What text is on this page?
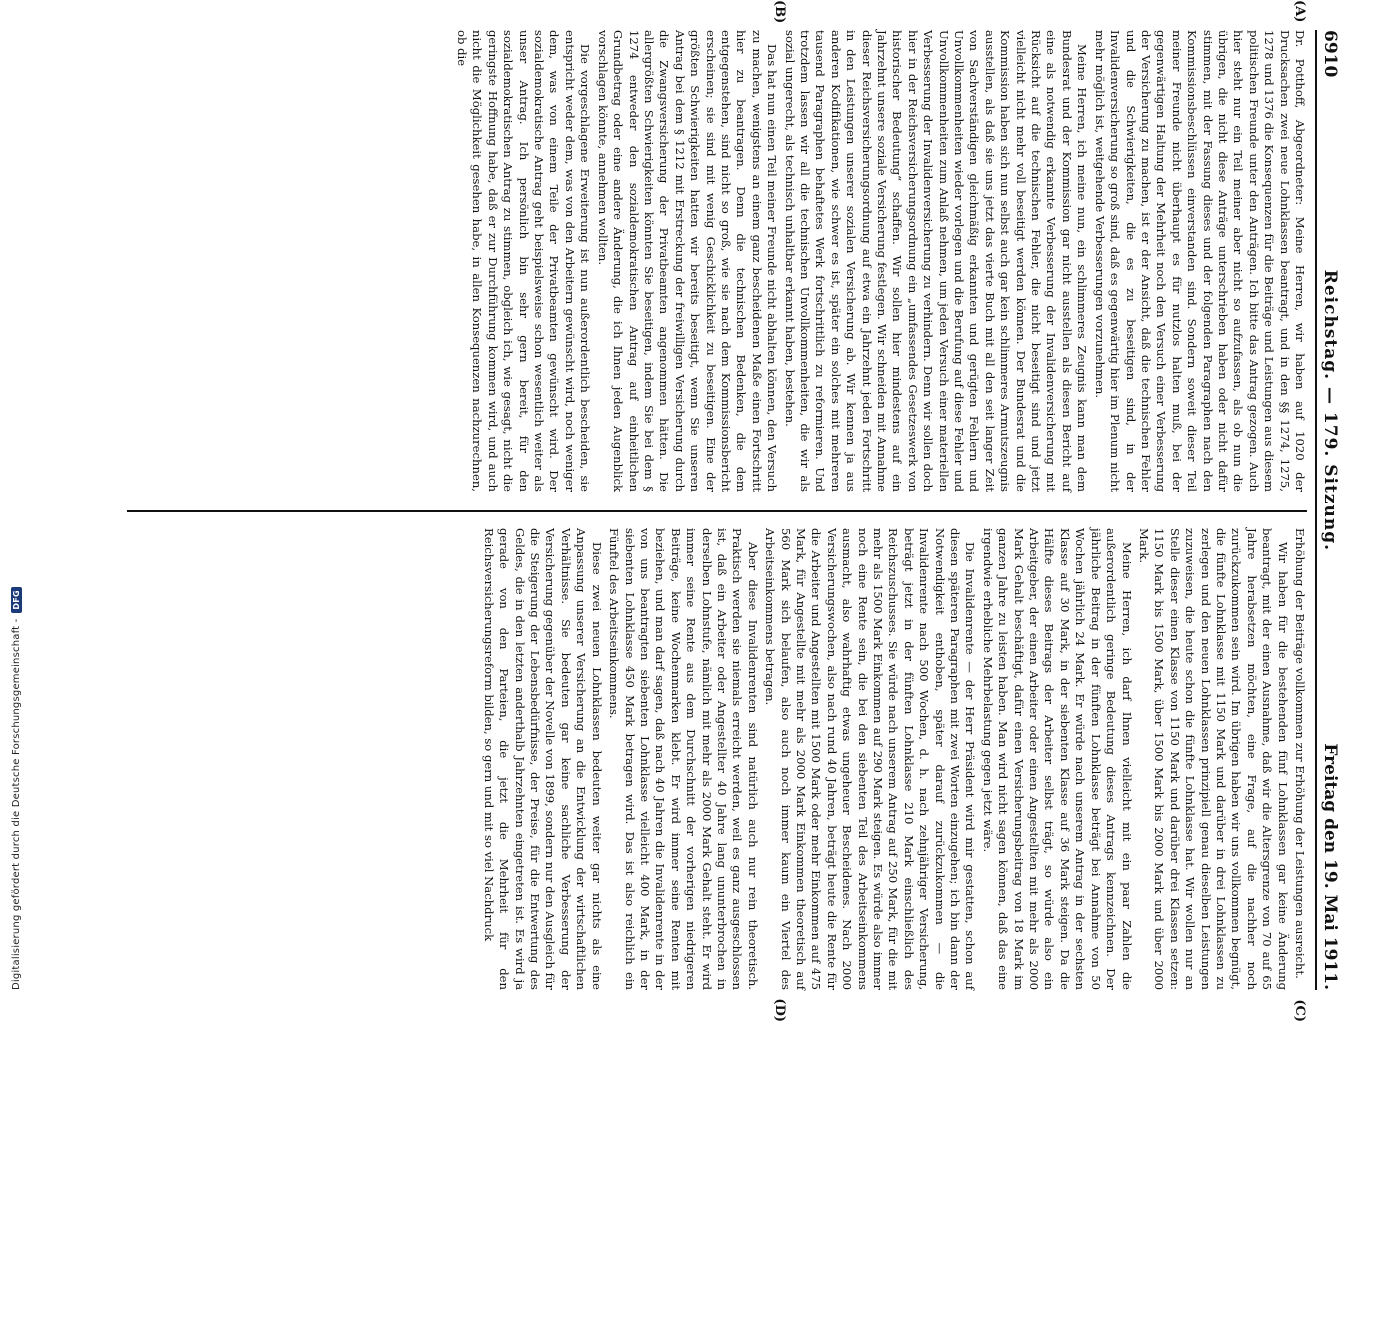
Digitalisierung gefördert durch die Deutsche Forschungsgemeinschaft -
DFG
6910
Reichstag. — 179. Sitzung.
Freitag den 19. Mai 1911.
(A)
(B)

Dr. Potthoff, Abgeordneter: Meine Herren, wir haben auf 1020 der Drucksachen zwei neue Lohnklassen beantragt, und in den §§ 1274, 1275, 1278 und 1376 die Konsequenzen für die Beiträge und Leistungen aus diesem politischen Freunde unter den Anträgen. Ich bitte das Antrag gezogen. Auch hier steht nur ein Teil meiner aber nicht so aufzufassen, als ob nun die übrigen, die nicht diese Anträge unterschrieben haben oder nicht dafür stimmen, mit der Fassung dieses und der folgenden Paragraphen nach den Kommissionsbeschlüssen einverstanden sind. Sondern soweit dieser Teil meiner Freunde nicht überhaupt es für nutzlos halten muß, bei der gegenwärtigen Haltung der Mehrheit noch den Versuch einer Verbesserung der Versicherung zu machen, ist er der Ansicht, daß die technischen Fehler und die Schwierigkeiten, die es zu beseitigen sind, in der Invalidenversicherung so groß sind, daß es gegenwärtig hier im Plenum nicht mehr möglich ist, weitgehende Verbesserungen vorzunehmen.

Meine Herren, ich meine nun, ein schlimmeres Zeugnis kann man dem Bundesrat und der Kommission gar nicht ausstellen als diesen Bericht auf eine als notwendig erkannte Verbesserung der Invalidenversicherung mit Rücksicht auf die technischen Fehler, die nicht beseitigt sind und jetzt vielleicht nicht mehr voll beseitigt werden können. Der Bundesrat und die Kommission haben sich nun selbst auch gar kein schlimmeres Armutszeugnis ausstellen, als daß sie uns jetzt das vierte Buch mit all den seit langer Zeit von Sachverständigen gleichmäßig erkannten und gerügten Fehlern und Unvollkommenheiten wieder vorlegen und die Berufung auf diese Fehler und Unvollkommenheiten zum Anlaß nehmen, um jeden Versuch einer materiellen Verbesserung der Invalidenversicherung zu verhindern. Denn wir sollen doch hier in der Reichsversicherungsordnung ein „umfassendes Gesetzeswerk von historischer Bedeutung“ schaffen. Wir sollen hier mindestens auf ein Jahrzehnt unsere soziale Versicherung festlegen. Wir schneiden mit Annahme dieser Reichsversicherungsordnung auf etwa ein Jahrzehnt jeden Fortschritt in den Leistungen unserer sozialen Versicherung ab. Wir kennen ja aus anderen Kodifikationen, wie schwer es ist, später ein solches mit mehreren tausend Paragraphen behaftetes Werk fortschrittlich zu reformieren. Und trotzdem lassen wir all die technischen Unvollkommenheiten, die wir als sozial ungerecht, als technisch unhaltbar erkannt haben, bestehen.

Das hat nun einen Teil meiner Freunde nicht abhalten können, den Versuch zu machen, wenigstens an einem ganz bescheidenen Maße einen Fortschritt hier zu beantragen. Denn die technischen Bedenken, die dem entgegenstehen, sind nicht so groß, wie sie nach dem Kommissionsbericht erscheinen; sie sind mit wenig Geschicklichkeit zu beseitigen. Eine der größten Schwierigkeiten hatten wir bereits beseitigt, wenn Sie unseren Antrag bei dem § 1212 mit Erstreckung der freiwilligen Versicherung durch die Zwangsversicherung der Privatbeamten angenommen hätten. Die allergrößten Schwierigkeiten könnten Sie beseitigen, indem Sie bei dem § 1274 entweder den sozialdemokratischen Antrag auf einheitlichen Grundbetrag oder eine andere Änderung, die ich Ihnen jeden Augenblick vorschlagen könnte, annehmen wollten.

Die vorgeschlagene Erweiterung ist nun außerordentlich bescheiden, sie entspricht weder dem, was von den Arbeitern gewünscht wird, noch weniger dem, was von einem Teile der Privatbeamten gewünscht wird. Der sozialdemokratische Antrag geht beispielsweise schon wesentlich weiter als unser Antrag. Ich persönlich bin sehr gern bereit, für den sozialdemokratischen Antrag zu stimmen, obgleich ich, wie gesagt, nicht die geringste Hoffnung habe, daß er zur Durchführung kommen wird, und auch nicht die Möglichkeit gesehen habe, in allen Konsequenzen nachzurechnen, ob die

(C)
(D)

Erhöhung der Beiträge vollkommen zur Erhöhung der Leistungen ausreicht.

Wir haben für die bestehenden fünf Lohnklassen gar keine Änderung beantragt, mit der einen Ausnahme, daß wir die Altersgrenze von 70 auf 65 Jahre herabsetzen möchten, eine Frage, auf die nachher noch zurückzukommen sein wird. Im übrigen haben wir uns vollkommen begnügt, die fünfte Lohnklasse mit 1150 Mark und darüber in drei Lohnklassen zu zerlegen und den neuen Lohnklassen prinzipiell genau dieselben Leistungen zuzuweisen, die heute schon die fünfte Lohnklasse hat. Wir wollen nur an Stelle dieser einen Klasse von 1150 Mark und darüber drei Klassen setzen: 1150 Mark bis 1500 Mark, über 1500 Mark bis 2000 Mark und über 2000 Mark.

Meine Herren, ich darf Ihnen vielleicht mit ein paar Zahlen die außerordentlich geringe Bedeutung dieses Antrags kennzeichnen. Der jährliche Beitrag in der fünften Lohnklasse beträgt bei Annahme von 50 Wochen jährlich 24 Mark. Er würde nach unserem Antrag in der sechsten Klasse auf 30 Mark, in der siebenten Klasse auf 36 Mark steigen. Da die Hälfte dieses Beitrags der Arbeiter selbst trägt, so würde also ein Arbeitgeber, der einen Arbeiter oder einen Angestellten mit mehr als 2000 Mark Gehalt beschäftigt, dafür einen Versicherungsbeitrag von 18 Mark im ganzen Jahre zu leisten haben. Man wird nicht sagen können, daß das eine irgendwie erhebliche Mehrbelastung gegen jetzt wäre.

Die Invalidenrente — der Herr Präsident wird mir gestatten, schon auf diesen späteren Paragraphen mit zwei Worten einzugehen; ich bin dann der Notwendigkeit enthoben, später darauf zurückzukommen — die Invalidenrente nach 500 Wochen, d. h. nach zehnjähriger Versicherung, beträgt jetzt in der fünften Lohnklasse 210 Mark einschließlich des Reichszuschusses. Sie würde nach unserem Antrag auf 250 Mark, für die mit mehr als 1500 Mark Einkommen auf 290 Mark steigen. Es würde also immer noch eine Rente sein, die bei den siebenten Teil des Arbeitseinkommens ausmacht, also wahrhaftig etwas ungeheuer Bescheidenes. Nach 2000 Versicherungswochen, also nach rund 40 Jahren, beträgt heute die Rente für die Arbeiter und Angestellten mit 1500 Mark oder mehr Einkommen auf 475 Mark, für Angestellte mit mehr als 2000 Mark Einkommen theoretisch auf 560 Mark sich belaufen, also auch noch immer kaum ein Viertel des Arbeitseinkommens betragen.

Aber diese Invalidenrenten sind natürlich auch nur rein theoretisch. Praktisch werden sie niemals erreicht werden, weil es ganz ausgeschlossen ist, daß ein Arbeiter oder Angestellter 40 Jahre lang ununterbrochen in derselben Lohnstufe, nämlich mit mehr als 2000 Mark Gehalt steht. Er wird immer seine Rente aus dem Durchschnitt der vorherigen niedrigeren Beiträge, keine Wochenmarken klebt. Er wird immer seine Renten mit beziehen, und man darf sagen, daß nach 40 Jahren die Invalidenrente in der von uns beantragten siebenten Lohnklasse vielleicht 400 Mark, in der siebenten Lohnklasse 450 Mark betragen wird. Das ist also reichlich ein Fünftel des Arbeitseinkommens.

Diese zwei neuen Lohnklassen bedeuten weiter gar nichts als eine Anpassung unserer Versicherung an die Entwicklung der wirtschaftlichen Verhältnisse. Sie bedeuten gar keine sachliche Verbesserung der Versicherung gegenüber der Novelle von 1899, sondern nur den Ausgleich für die Steigerung der Lebensbedürfnisse, der Preise, für die Entwertung des Geldes, die in den letzten anderthalb Jahrzehnten eingetreten ist. Es wird ja gerade von den Parteien, die jetzt die Mehrheit für den Reichsversicherungsreform bilden, so gern und mit so viel Nachdruck
